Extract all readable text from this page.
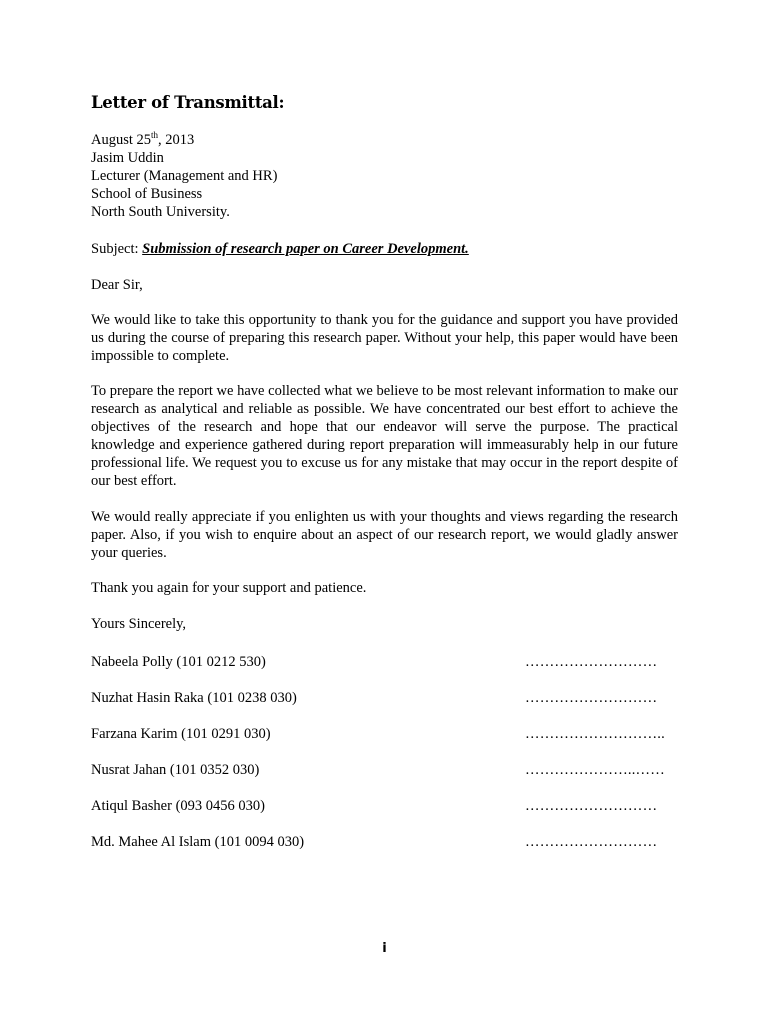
Letter of Transmittal:
August 25th, 2013
Jasim Uddin
Lecturer (Management and HR)
School of Business
North South University.
Subject: Submission of research paper on Career Development.
Dear Sir,
We would like to take this opportunity to thank you for the guidance and support you have provided us during the course of preparing this research paper. Without your help, this paper would have been impossible to complete.
To prepare the report we have collected what we believe to be most relevant information to make our research as analytical and reliable as possible. We have concentrated our best effort to achieve the objectives of the research and hope that our endeavor will serve the purpose. The practical knowledge and experience gathered during report preparation will immeasurably help in our future professional life. We request you to excuse us for any mistake that may occur in the report despite of our best effort.
We would really appreciate if you enlighten us with your thoughts and views regarding the research paper. Also, if you wish to enquire about an aspect of our research report, we would gladly answer your queries.
Thank you again for your support and patience.
Yours Sincerely,
Nabeela Polly (101 0212 530)	………………………
Nuzhat Hasin Raka (101 0238 030)	………………………
Farzana Karim (101 0291 030)	………………………..
Nusrat Jahan (101 0352 030)	…………………..……
Atiqul Basher (093 0456 030)	………………………
Md. Mahee Al Islam (101 0094 030)	………………………
i
